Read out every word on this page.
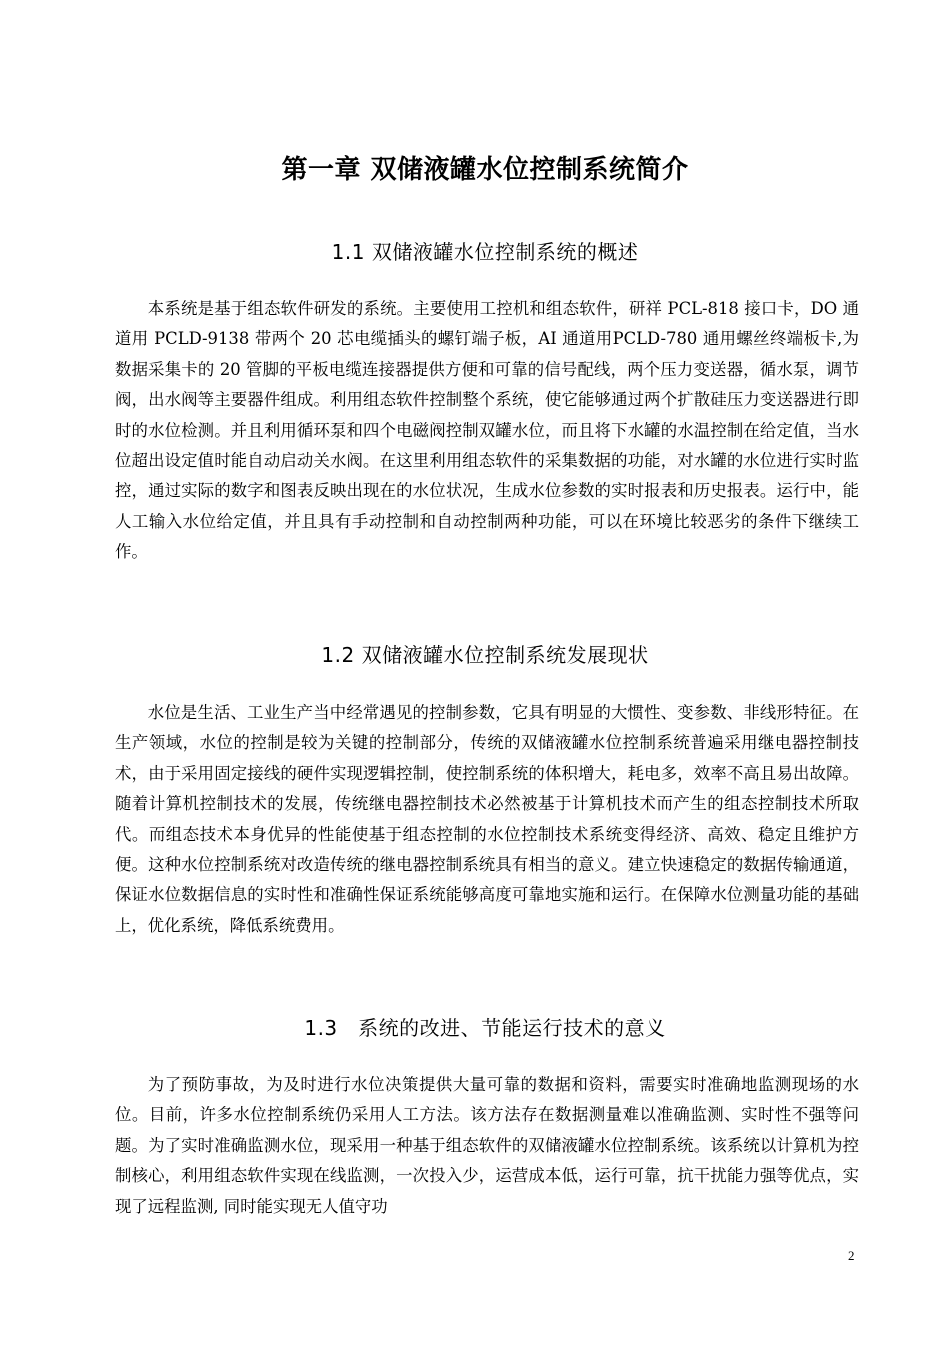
第一章 双储液罐水位控制系统简介
1.1 双储液罐水位控制系统的概述

本系统是基于组态软件研发的系统。主要使用工控机和组态软件，研祥 PCL-818 接口卡，DO 通道用 PCLD-9138 带两个 20 芯电缆插头的螺钉端子板，AI 通道用PCLD-780 通用螺丝终端板卡,为数据采集卡的 20 管脚的平板电缆连接器提供方便和可靠的信号配线，两个压力变送器，循水泵，调节阀，出水阀等主要器件组成。利用组态软件控制整个系统，使它能够通过两个扩散硅压力变送器进行即时的水位检测。并且利用循环泵和四个电磁阀控制双罐水位，而且将下水罐的水温控制在给定值，当水位超出设定值时能自动启动关水阀。在这里利用组态软件的采集数据的功能，对水罐的水位进行实时监控，通过实际的数字和图表反映出现在的水位状况，生成水位参数的实时报表和历史报表。运行中，能人工输入水位给定值，并且具有手动控制和自动控制两种功能，可以在环境比较恶劣的条件下继续工作。

1.2 双储液罐水位控制系统发展现状

水位是生活、工业生产当中经常遇见的控制参数，它具有明显的大惯性、变参数、非线形特征。在生产领域，水位的控制是较为关键的控制部分，传统的双储液罐水位控制系统普遍采用继电器控制技术，由于采用固定接线的硬件实现逻辑控制，使控制系统的体积增大，耗电多，效率不高且易出故障。随着计算机控制技术的发展，传统继电器控制技术必然被基于计算机技术而产生的组态控制技术所取代。而组态技术本身优异的性能使基于组态控制的水位控制技术系统变得经济、高效、稳定且维护方便。这种水位控制系统对改造传统的继电器控制系统具有相当的意义。建立快速稳定的数据传输通道，保证水位数据信息的实时性和准确性保证系统能够高度可靠地实施和运行。在保障水位测量功能的基础上，优化系统，降低系统费用。

1.3　系统的改进、节能运行技术的意义

为了预防事故，为及时进行水位决策提供大量可靠的数据和资料，需要实时准确地监测现场的水位。目前，许多水位控制系统仍采用人工方法。该方法存在数据测量难以准确监测、实时性不强等问题。为了实时准确监测水位，现采用一种基于组态软件的双储液罐水位控制系统。该系统以计算机为控制核心，利用组态软件实现在线监测，一次投入少，运营成本低，运行可靠，抗干扰能力强等优点，实现了远程监测, 同时能实现无人值守功

2
